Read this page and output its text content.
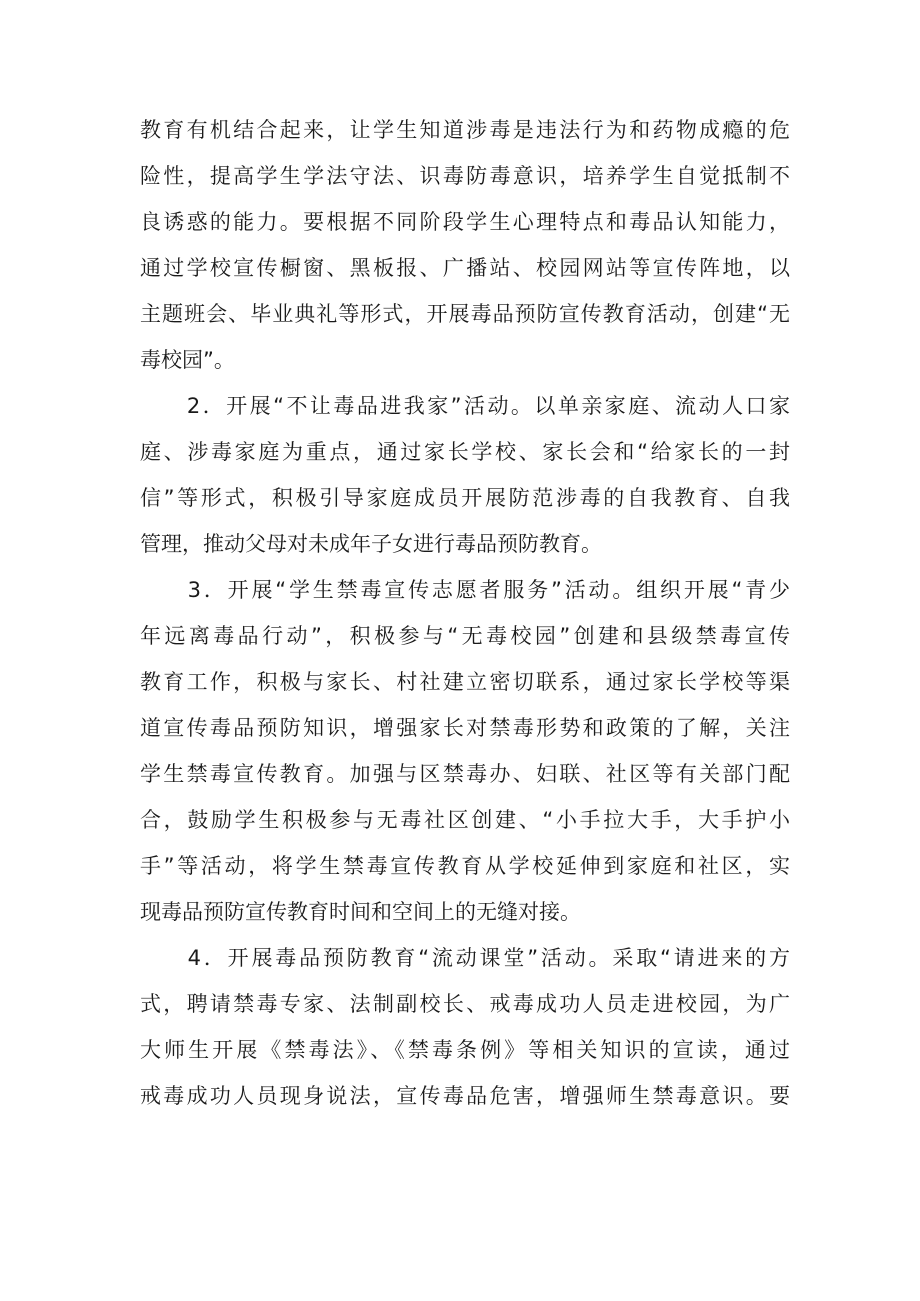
教育有机结合起来，让学生知道涉毒是违法行为和药物成瘾的危
险性，提高学生学法守法、识毒防毒意识，培养学生自觉抵制不
良诱惑的能力。要根据不同阶段学生心理特点和毒品认知能力，
通过学校宣传橱窗、黑板报、广播站、校园网站等宣传阵地，以
主题班会、毕业典礼等形式，开展毒品预防宣传教育活动，创建“无
毒校园”。

　　2．开展“不让毒品进我家”活动。以单亲家庭、流动人口家
庭、涉毒家庭为重点，通过家长学校、家长会和“给家长的一封
信”等形式，积极引导家庭成员开展防范涉毒的自我教育、自我
管理，推动父母对未成年子女进行毒品预防教育。

　　3．开展“学生禁毒宣传志愿者服务”活动。组织开展“青少
年远离毒品行动”，积极参与“无毒校园”创建和县级禁毒宣传
教育工作，积极与家长、村社建立密切联系，通过家长学校等渠
道宣传毒品预防知识，增强家长对禁毒形势和政策的了解，关注
学生禁毒宣传教育。加强与区禁毒办、妇联、社区等有关部门配
合，鼓励学生积极参与无毒社区创建、“小手拉大手，大手护小
手”等活动，将学生禁毒宣传教育从学校延伸到家庭和社区，实
现毒品预防宣传教育时间和空间上的无缝对接。

　　4．开展毒品预防教育“流动课堂”活动。采取“请进来的方
式，聘请禁毒专家、法制副校长、戒毒成功人员走进校园，为广
大师生开展《禁毒法》、《禁毒条例》等相关知识的宣读，通过
戒毒成功人员现身说法，宣传毒品危害，增强师生禁毒意识。要
